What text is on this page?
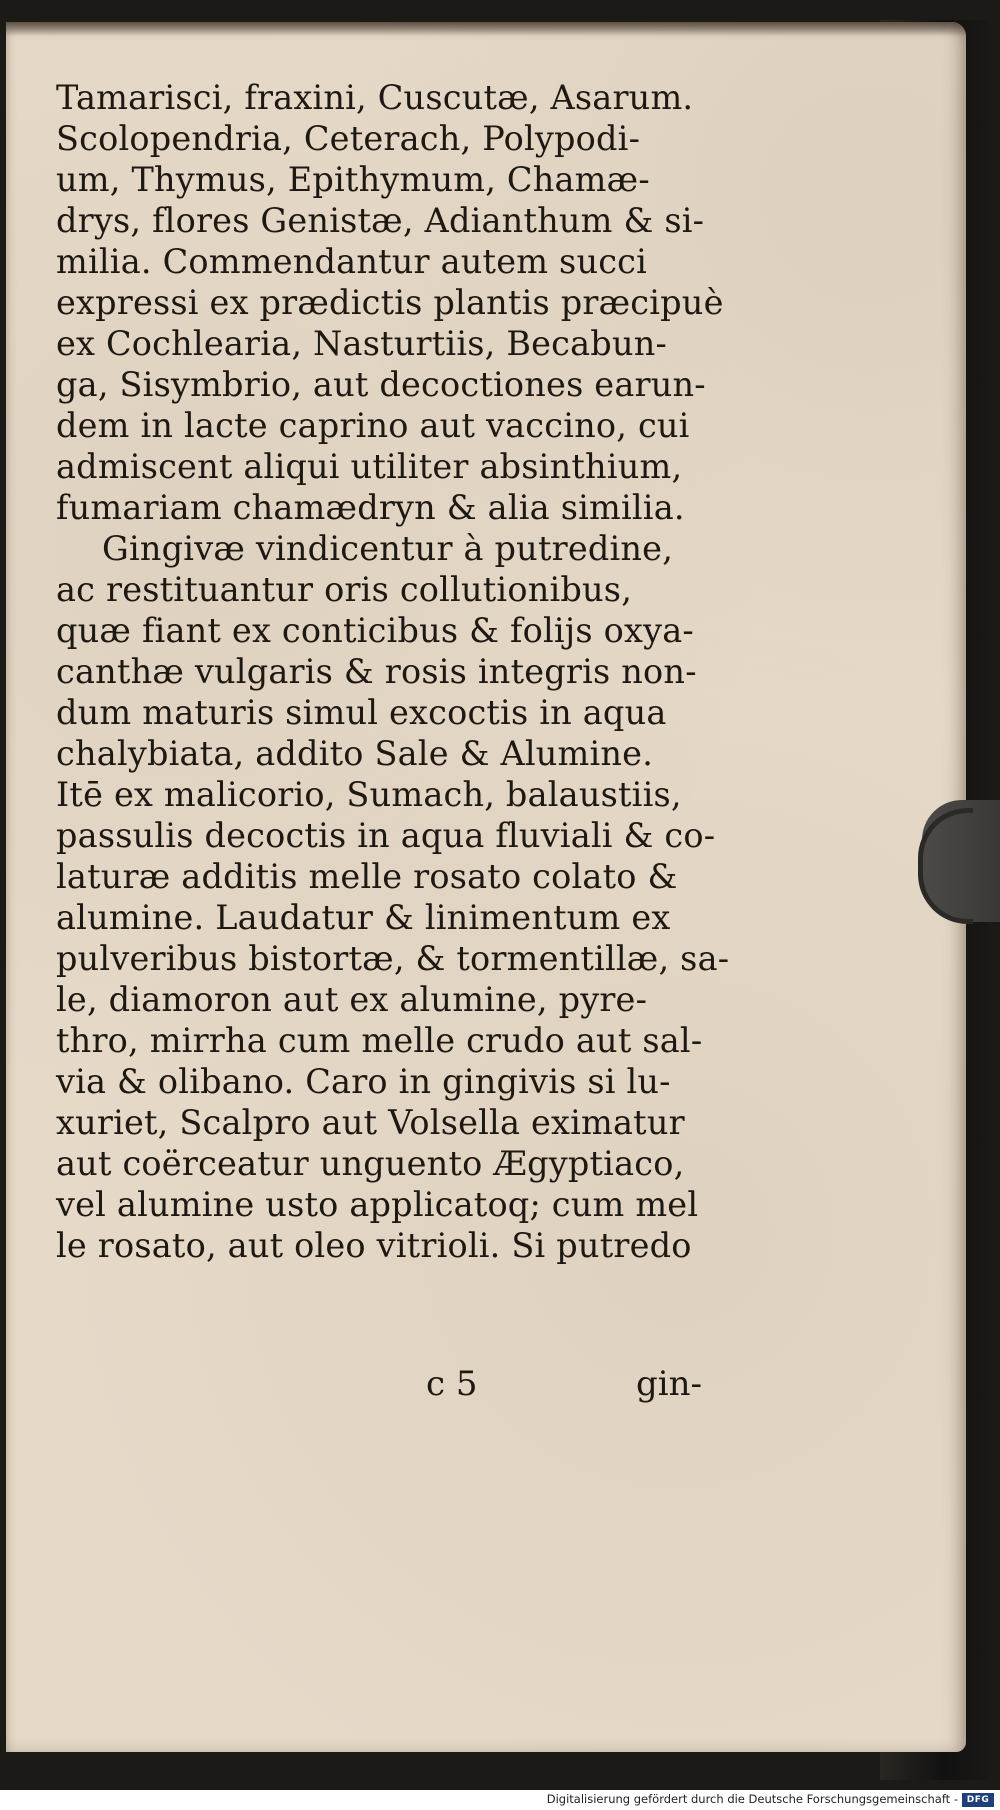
Tamarisci, fraxini, Cuscutæ, Asarum.
Scolopendria, Ceterach, Polypodi-
um, Thymus, Epithymum, Chamæ-
drys, flores Genistæ, Adianthum & si-
milia. Commendantur autem succi
expressi ex prædictis plantis præcipuè
ex Cochlearia, Nasturtiis, Becabun-
ga, Sisymbrio, aut decoctiones earun-
dem in lacte caprino aut vaccino, cui
admiscent aliqui utiliter absinthium,
fumariam chamædryn & alia similia.
Gingivæ vindicentur à putredine,
ac restituantur oris collutionibus,
quæ fiant ex conticibus & folijs oxya-
canthæ vulgaris & rosis integris non-
dum maturis simul excoctis in aqua
chalybiata, addito Sale & Alumine.
Itē ex malicorio, Sumach, balaustiis,
passulis decoctis in aqua fluviali & co-
laturæ additis melle rosato colato &
alumine. Laudatur & linimentum ex
pulveribus bistortæ, & tormentillæ, sa-
le, diamoron aut ex alumine, pyre-
thro, mirrha cum melle crudo aut sal-
via & olibano. Caro in gingivis si lu-
xuriet, Scalpro aut Volsella eximatur
aut coërceatur unguento Ægyptiaco,
vel alumine usto applicatoq; cum mel
le rosato, aut oleo vitrioli. Si putredo
c 5	gin-
Digitalisierung gefördert durch die Deutsche Forschungsgemeinschaft - DFG
